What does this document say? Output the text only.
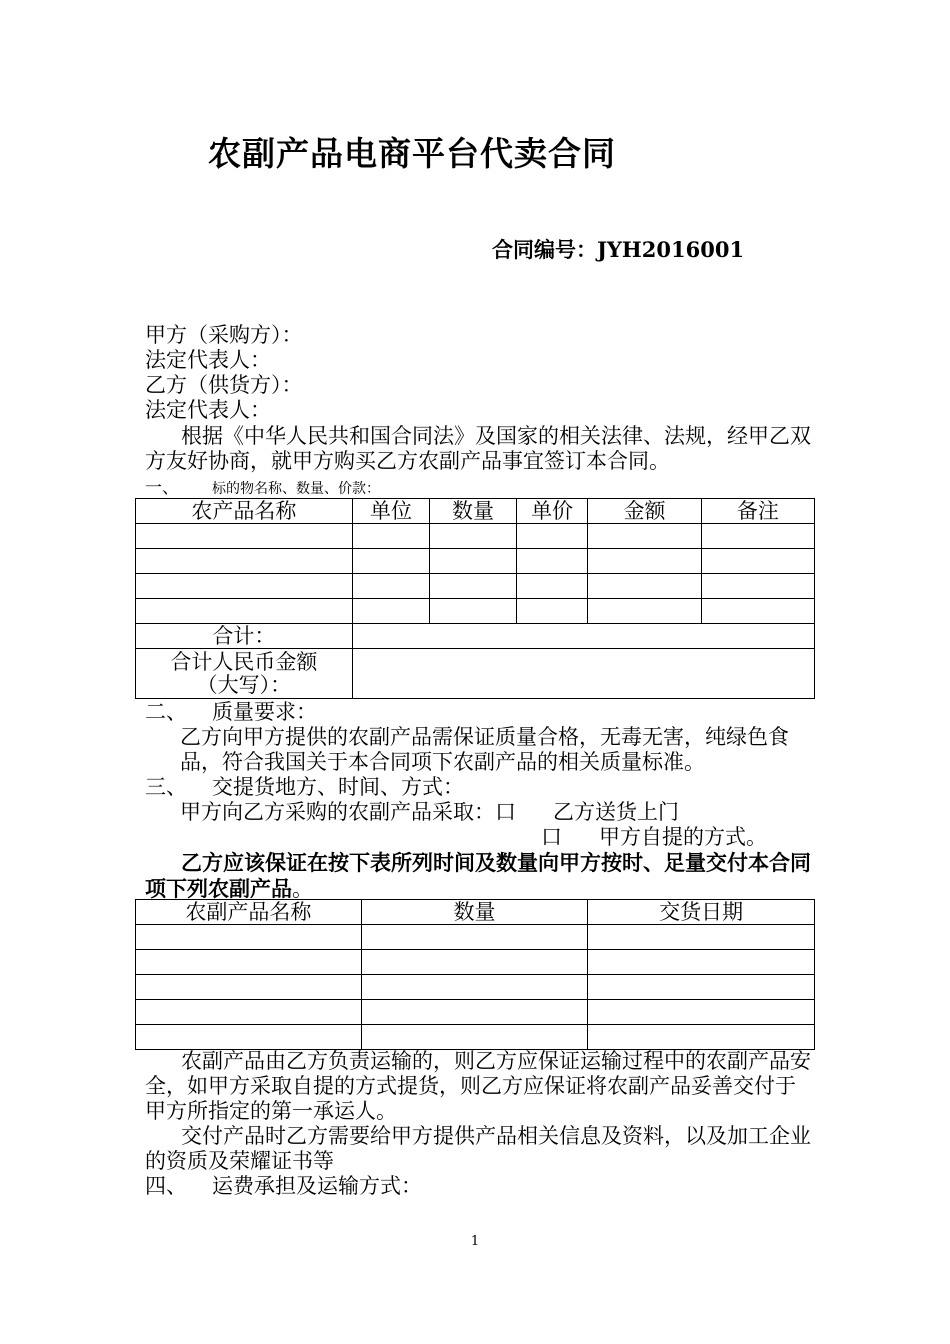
农副产品电商平台代卖合同
合同编号：JYH2016001
甲方（采购方）：
法定代表人：
乙方（供货方）：
法定代表人：
根据《中华人民共和国合同法》及国家的相关法律、法规，经甲乙双方友好协商，就甲方购买乙方农副产品事宜签订本合同。
一、 标的物名称、数量、价款：
农产品名称	单位	数量	单价	金额	备注

合计：					

合计人民币金额
（大写）：					

二、 质量要求：
乙方向甲方提供的农副产品需保证质量合格，无毒无害，纯绿色食品，符合我国关于本合同项下农副产品的相关质量标准。
三、 交提货地方、时间、方式：
甲方向乙方采购的农副产品采取：口 乙方送货上门
口 甲方自提的方式。
乙方应该保证在按下表所列时间及数量向甲方按时、足量交付本合同项下列农副产品。
农副产品名称	数量	交货日期

农副产品由乙方负责运输的，则乙方应保证运输过程中的农副产品安全，如甲方采取自提的方式提货，则乙方应保证将农副产品妥善交付于甲方所指定的第一承运人。
交付产品时乙方需要给甲方提供产品相关信息及资料，以及加工企业的资质及荣耀证书等
四、 运费承担及运输方式：
1
